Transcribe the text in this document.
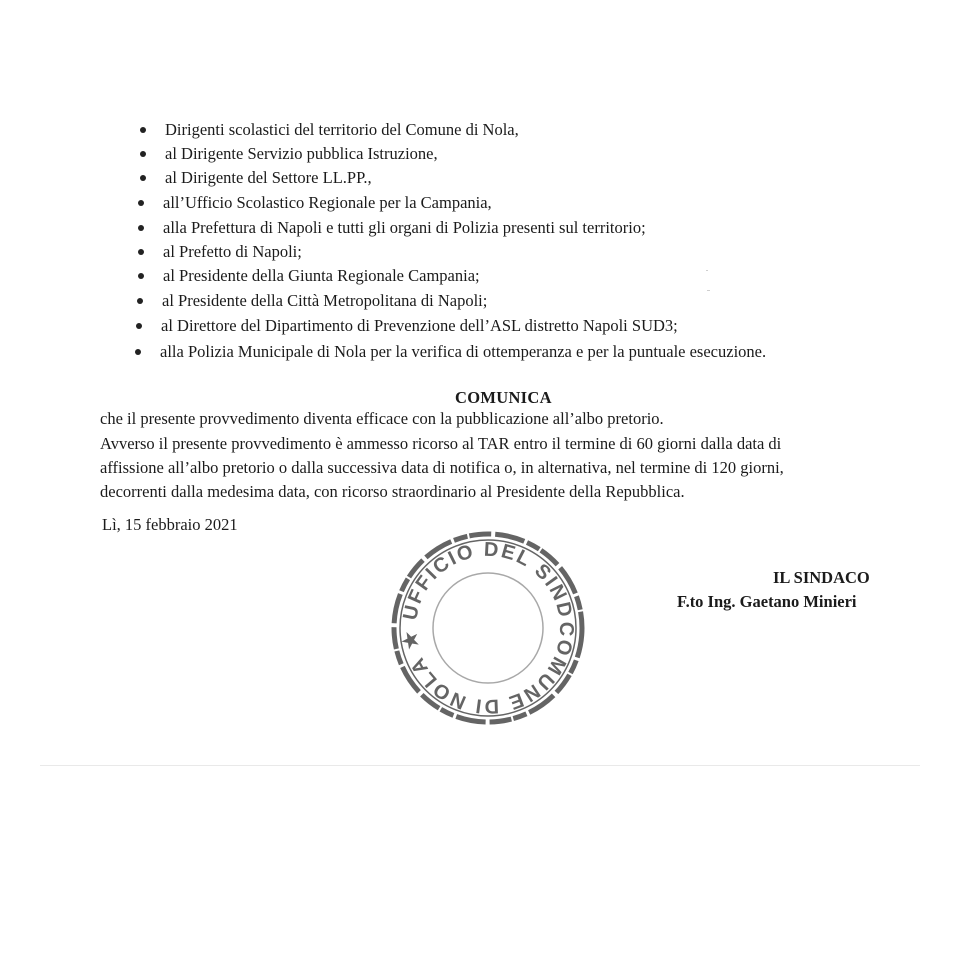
Dirigenti scolastici del territorio del Comune di Nola,
al Dirigente Servizio pubblica Istruzione,
al Dirigente del Settore LL.PP.,
all’Ufficio Scolastico Regionale per la Campania,
alla Prefettura di Napoli e tutti gli organi di Polizia presenti sul territorio;
al Prefetto di Napoli;
al Presidente della Giunta Regionale Campania;
al Presidente della Città Metropolitana di Napoli;
al Direttore del Dipartimento di Prevenzione dell’ASL distretto Napoli SUD3;
alla Polizia Municipale di Nola per la verifica di ottemperanza e per la puntuale esecuzione.
COMUNICA
che il presente provvedimento diventa efficace con la pubblicazione all’albo pretorio.
Avverso il presente provvedimento è ammesso ricorso al TAR entro il termine di 60 giorni dalla data di
affissione all’albo pretorio o dalla successiva data di notifica o, in alternativa, nel termine di 120 giorni,
decorrenti dalla medesima data, con ricorso straordinario al Presidente della Repubblica.
Lì, 15 febbraio 2021
COMUNE DI NOLA ★ UFFICIO DEL SINDACO
IL SINDACO
F.to Ing. Gaetano Minieri
